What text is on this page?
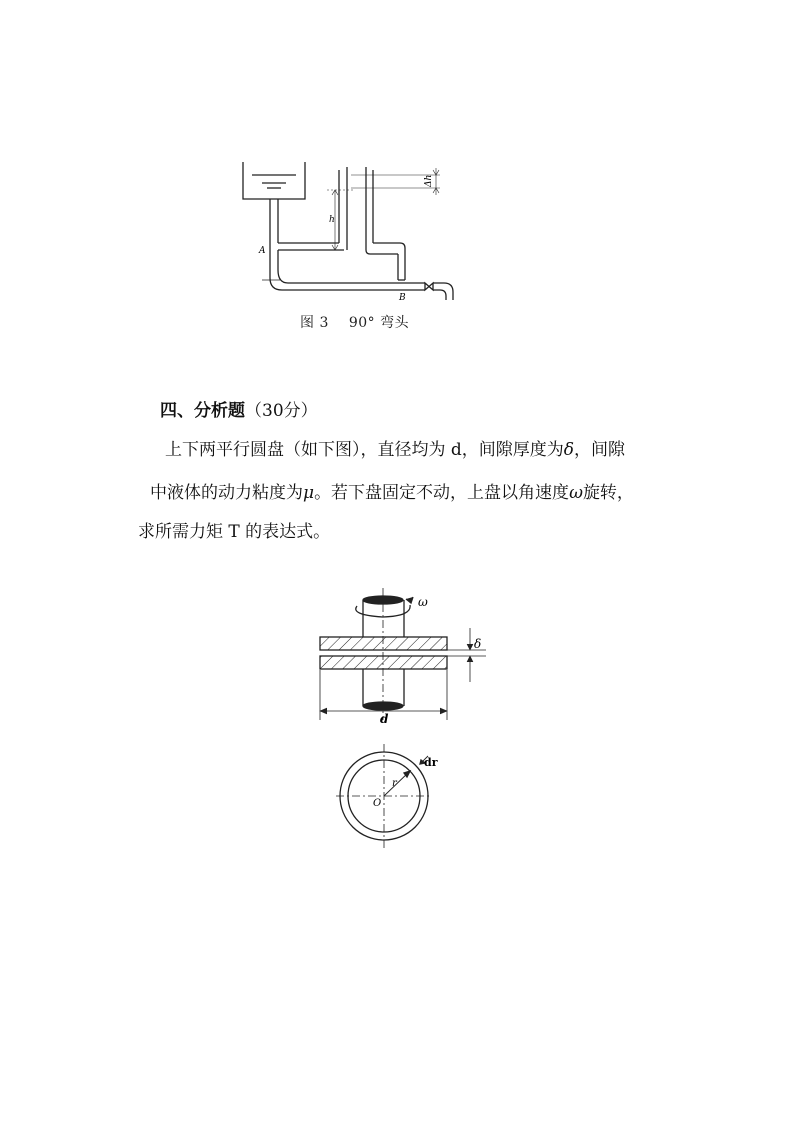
Δh
h
A
B
图 3 90° 弯头
四、分析题（30分）
上下两平行圆盘（如下图），直径均为 d，间隙厚度为δ，间隙
中液体的动力粘度为μ。若下盘固定不动，上盘以角速度ω旋转，
求所需力矩 T 的表达式。
ω
δ
d
dr
r
O
